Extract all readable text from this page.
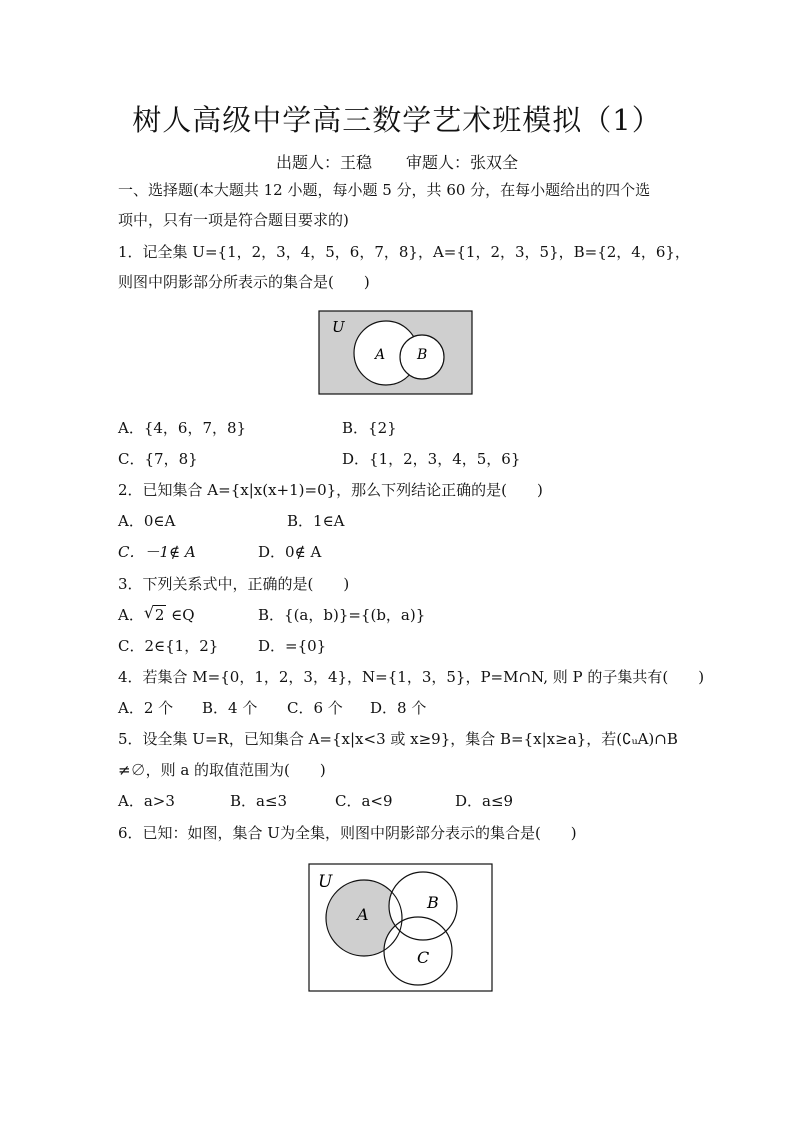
树人高级中学高三数学艺术班模拟（1）
出题人：王稳 审题人：张双全
一、选择题(本大题共 12 小题，每小题 5 分，共 60 分，在每小题给出的四个选
项中，只有一项是符合题目要求的)
1．记全集 U={1，2，3，4，5，6，7，8}，A={1，2，3，5}，B={2，4，6}，
则图中阴影部分所表示的集合是(　　)
U
A B
A．{4，6，7，8}	B．{2}
C．{7，8}	D．{1，2，3，4，5，6}
2．已知集合 A={x|x(x+1)=0}，那么下列结论正确的是(　　)
A．0∈A	B．1∈A
C．－1∉ A	D．0∉ A
3．下列关系式中，正确的是(　　)
A． √ 2 ∈Q	B．{(a，b)}={(b，a)}
C．2∈{1，2}	D．={0}
4．若集合 M={0，1，2，3，4}，N={1，3，5}，P=M∩N, 则 P 的子集共有(　　)
A．2 个 B．4 个 C．6 个 D．8 个
5．设全集 U=R，已知集合 A={x|x<3 或 x≥9}，集合 B={x|x≥a}，若(∁ᵤA)∩B
≠∅，则 a 的取值范围为(　　)
A．a>3	B．a≤3	C．a<9	D．a≤9
6．已知：如图，集合 U为全集，则图中阴影部分表示的集合是(　　)
U
A
B
C
